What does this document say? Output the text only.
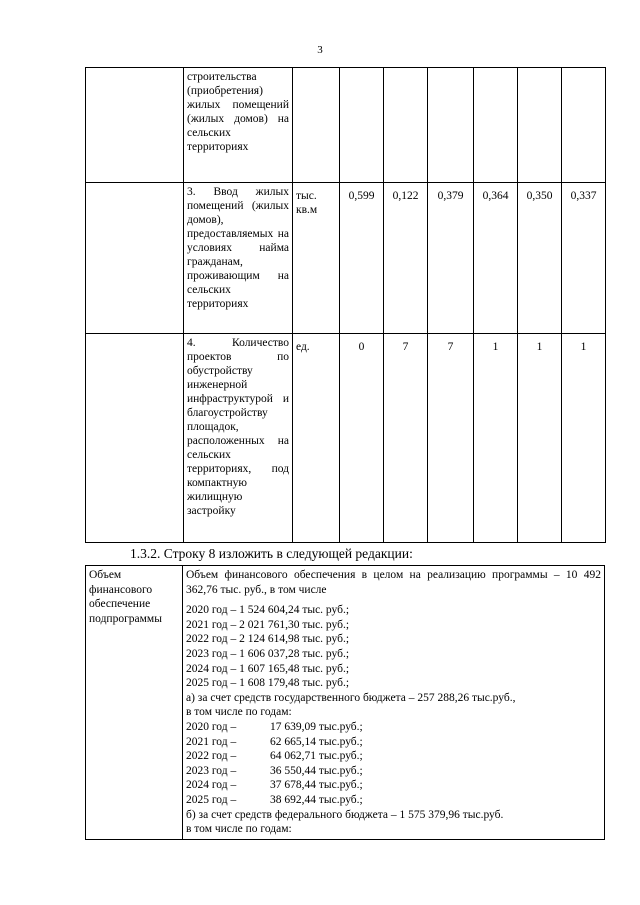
3
	строительства (приобретения) жилых помещений (жилых домов) на сельских территориях							
	3. Ввод жилых помещений (жилых домов), предоставляемых на условиях найма гражданам, проживающим на сельских территориях	тыс. кв.м	0,599	0,122	0,379	0,364	0,350	0,337
	4. Количество проектов по обустройству инженерной инфраструктурой и благоустройству площадок, расположенных на сельских территориях, под компактную жилищную застройку	ед.	0	7	7	1	1	1
1.3.2. Строку 8 изложить в следующей редакции:
Объем финансового обеспечение подпрограммы	
Объем финансового обеспечения в целом на реализацию программы – 10 492 362,76 тыс. руб., в том числе
2020 год – 1 524 604,24 тыс. руб.;
2021 год – 2 021 761,30 тыс. руб.;
2022 год – 2 124 614,98 тыс. руб.;
2023 год – 1 606 037,28 тыс. руб.;
2024 год – 1 607 165,48 тыс. руб.;
2025 год – 1 608 179,48 тыс. руб.;
а) за счет средств государственного бюджета – 257 288,26 тыс.руб.,
в том числе по годам:
2020 год –	17 639,09 тыс.руб.;
2021 год –	62 665,14 тыс.руб.;
2022 год –	64 062,71 тыс.руб.;
2023 год –	36 550,44 тыс.руб.;
2024 год –	37 678,44 тыс.руб.;
2025 год –	38 692,44 тыс.руб.;
б) за счет средств федерального бюджета – 1 575 379,96 тыс.руб.
в том числе по годам:
